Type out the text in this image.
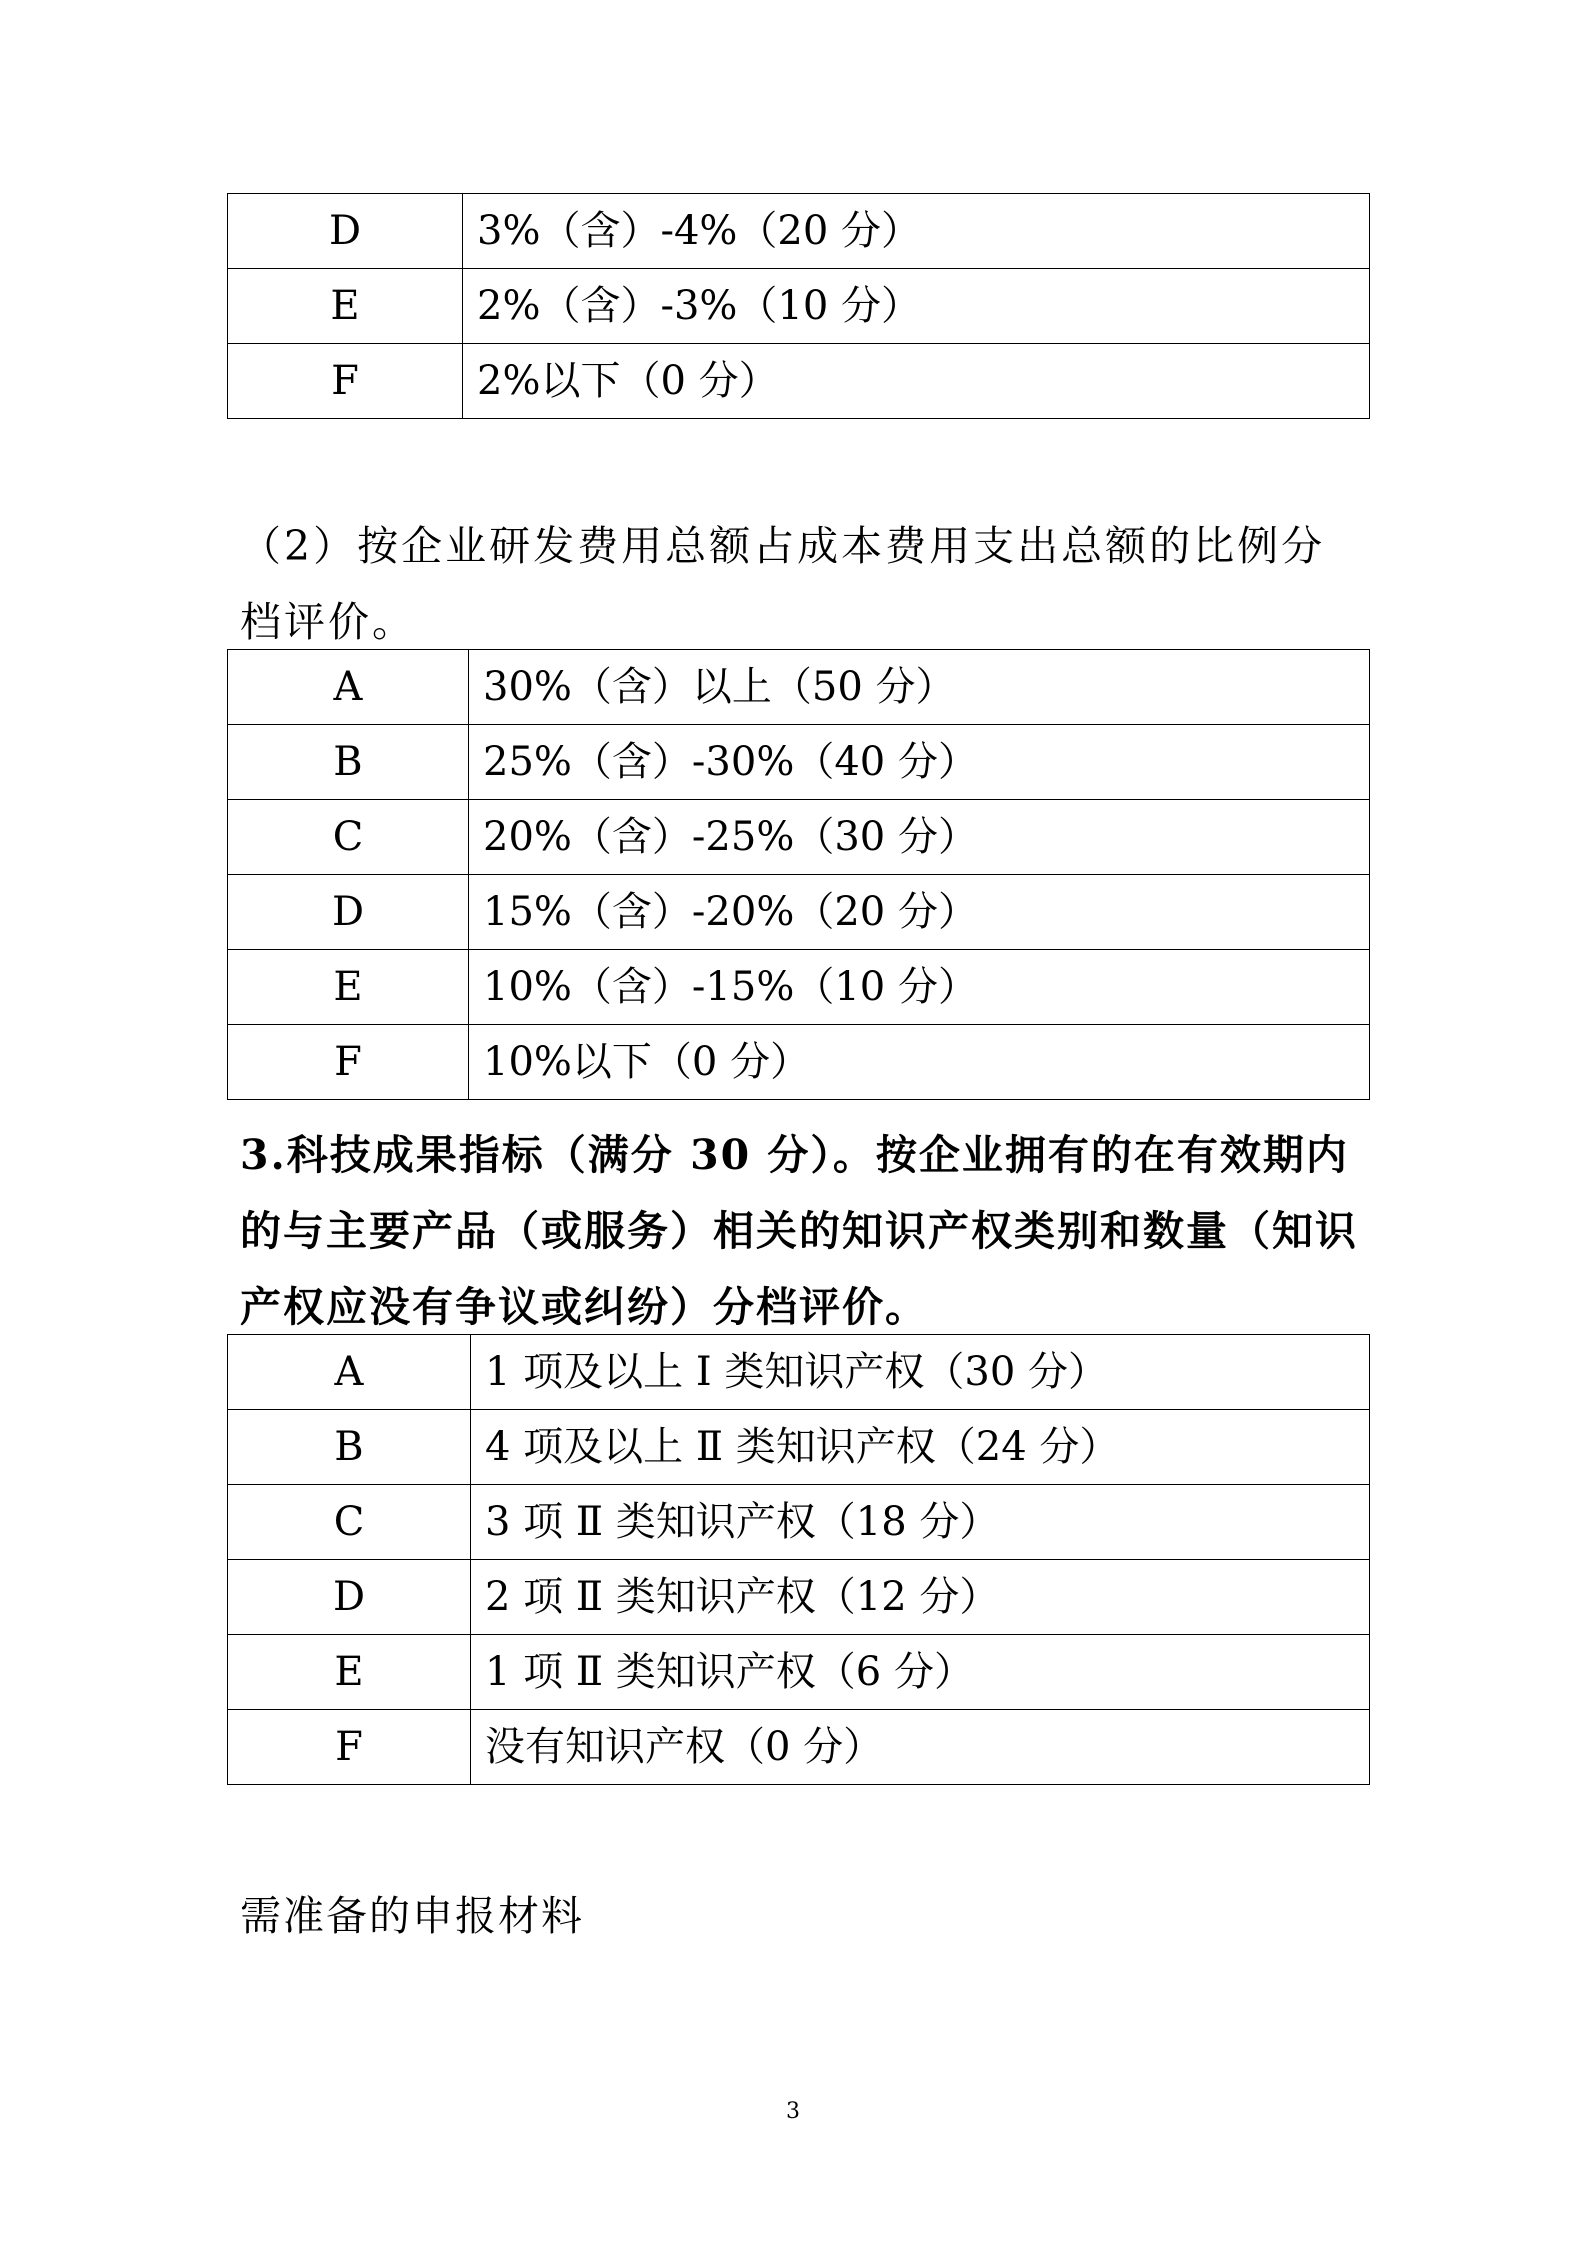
D	3%（含）-4%（20 分）
E	2%（含）-3%（10 分）
F	2%以下（0 分）

（2）按企业研发费用总额占成本费用支出总额的比例分档评价。

A	30%（含）以上（50 分）
B	25%（含）-30%（40 分）
C	20%（含）-25%（30 分）
D	15%（含）-20%（20 分）
E	10%（含）-15%（10 分）
F	10%以下（0 分）

3.科技成果指标（满分 30 分）。按企业拥有的在有效期内的与主要产品（或服务）相关的知识产权类别和数量（知识产权应没有争议或纠纷）分档评价。

A	1 项及以上 I 类知识产权（30 分）
B	4 项及以上 Ⅱ 类知识产权（24 分）
C	3 项 Ⅱ 类知识产权（18 分）
D	2 项 Ⅱ 类知识产权（12 分）
E	1 项 Ⅱ 类知识产权（6 分）
F	没有知识产权（0 分）
需准备的申报材料
3
